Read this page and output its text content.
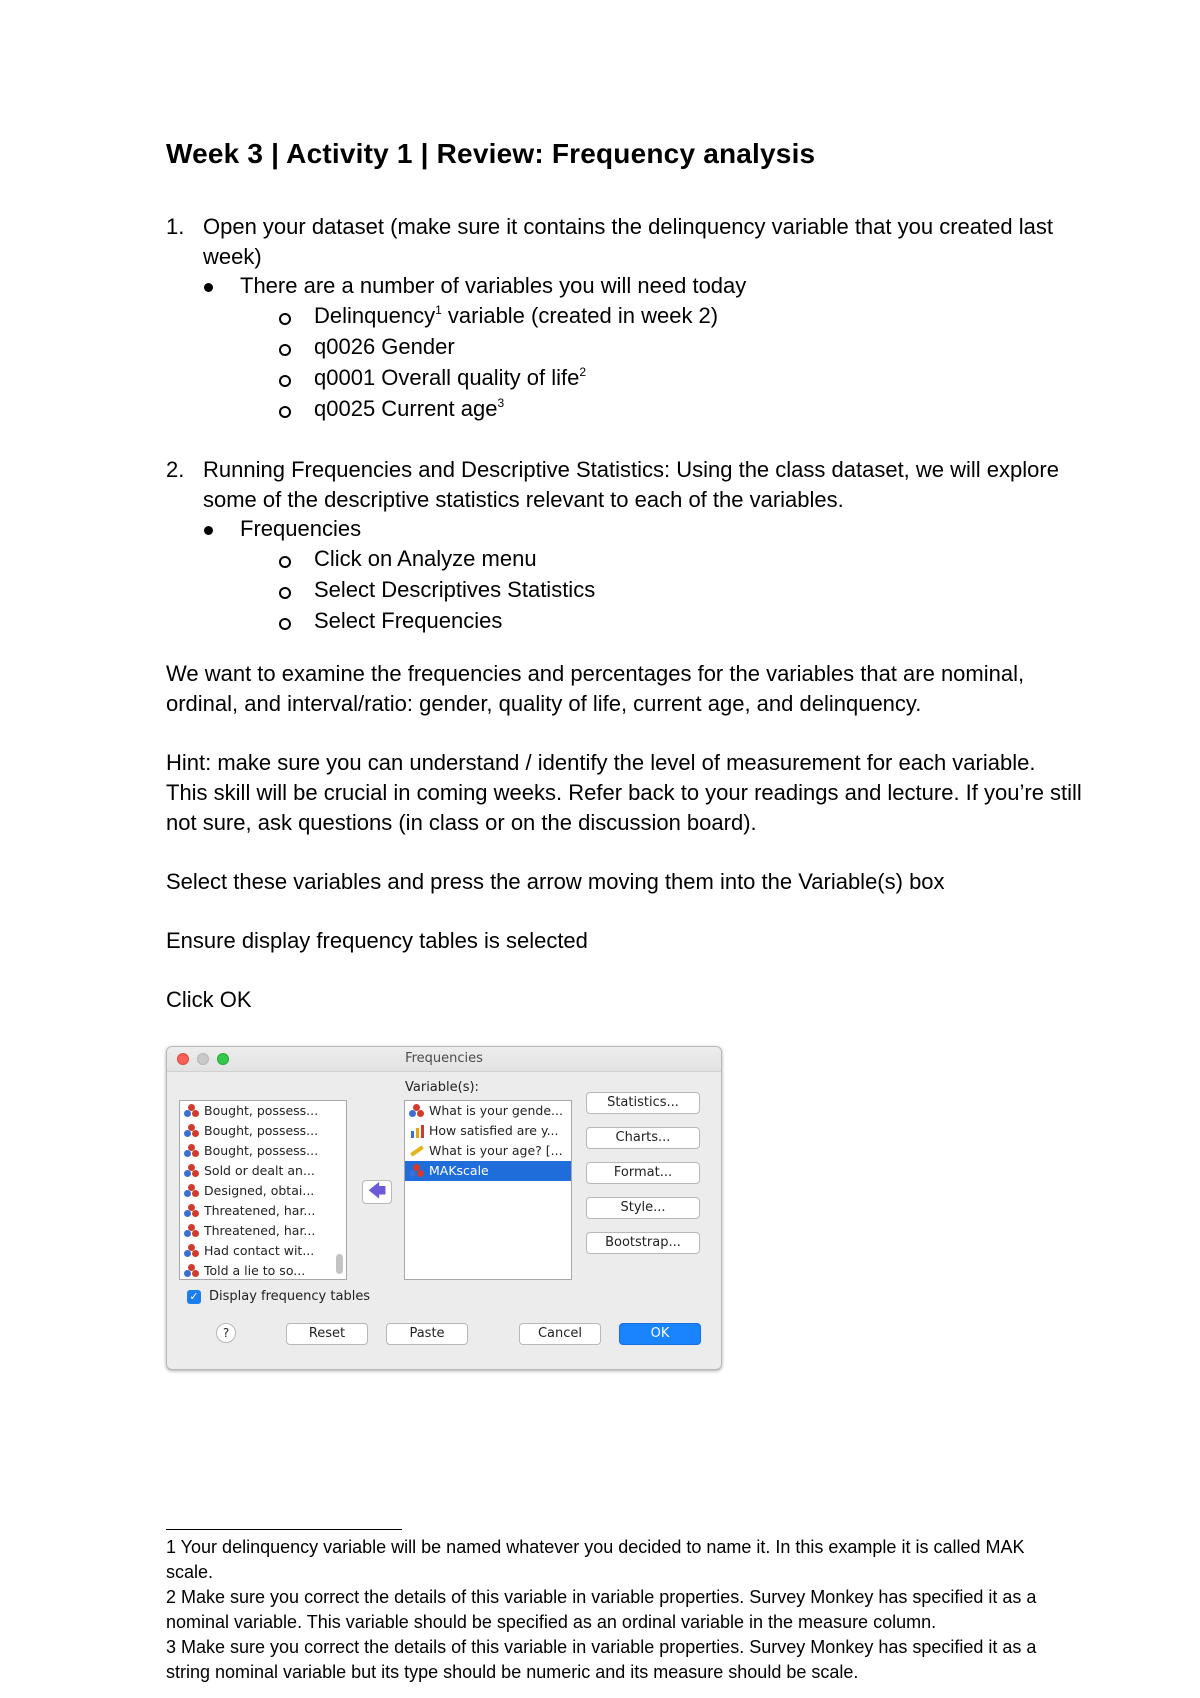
Week 3 | Activity 1 | Review: Frequency analysis
1. Open your dataset (make sure it contains the delinquency variable that you created last
week)
There are a number of variables you will need today
Delinquency$^1$ variable (created in week 2)
q0026 Gender
q0001 Overall quality of life$^2$
q0025 Current age$^3$
2. Running Frequencies and Descriptive Statistics: Using the class dataset, we will explore
some of the descriptive statistics relevant to each of the variables.
Frequencies
Click on Analyze menu
Select Descriptives Statistics
Select Frequencies
We want to examine the frequencies and percentages for the variables that are nominal,
ordinal, and interval/ratio: gender, quality of life, current age, and delinquency.
Hint: make sure you can understand / identify the level of measurement for each variable.
This skill will be crucial in coming weeks. Refer back to your readings and lecture. If you’re still
not sure, ask questions (in class or on the discussion board).
Select these variables and press the arrow moving them into the Variable(s) box
Ensure display frequency tables is selected
Click OK
Frequencies
Bought, possess...
Bought, possess...
Bought, possess...
Sold or dealt an...
Designed, obtai...
Threatened, har...
Threatened, har...
Had contact wit...
Told a lie to so...
🡄
Variable(s):
What is your gende...
How satisfied are y...
What is your age? [...
MAKscale
Statistics...
Charts...
Format...
Style...
Bootstrap...
✓ Display frequency tables
?	Reset	Paste	Cancel	OK
1 Your delinquency variable will be named whatever you decided to name it. In this example it is called MAK
scale.
2 Make sure you correct the details of this variable in variable properties. Survey Monkey has specified it as a
nominal variable. This variable should be specified as an ordinal variable in the measure column.
3 Make sure you correct the details of this variable in variable properties. Survey Monkey has specified it as a
string nominal variable but its type should be numeric and its measure should be scale.
